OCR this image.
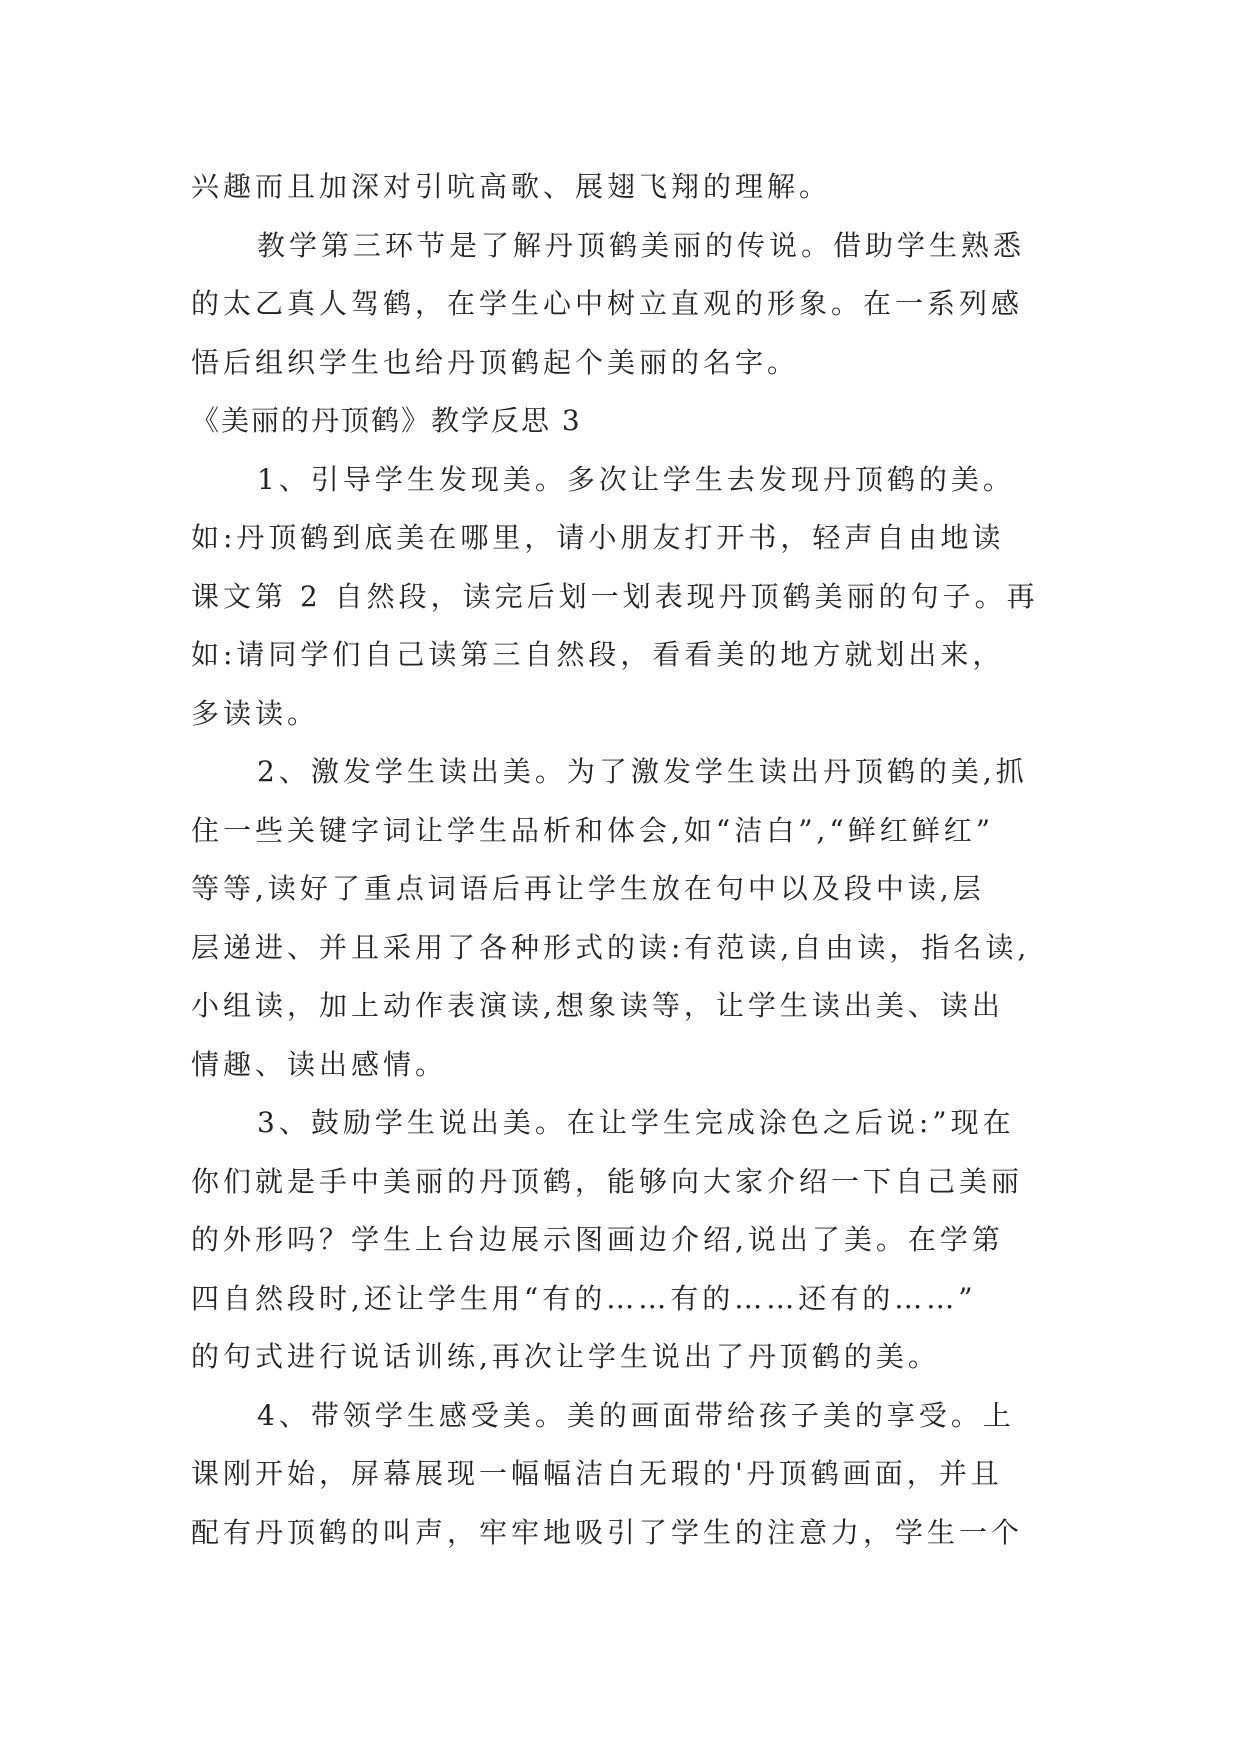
兴趣而且加深对引吭高歌、展翅飞翔的理解。
教学第三环节是了解丹顶鹤美丽的传说。借助学生熟悉
的太乙真人驾鹤，在学生心中树立直观的形象。在一系列感
悟后组织学生也给丹顶鹤起个美丽的名字。
《美丽的丹顶鹤》教学反思 3
1、引导学生发现美。多次让学生去发现丹顶鹤的美。
如:丹顶鹤到底美在哪里，请小朋友打开书，轻声自由地读
课文第 2 自然段，读完后划一划表现丹顶鹤美丽的句子。再
如:请同学们自己读第三自然段，看看美的地方就划出来，
多读读。
2、激发学生读出美。为了激发学生读出丹顶鹤的美,抓
住一些关键字词让学生品析和体会,如“洁白”,“鲜红鲜红”
等等,读好了重点词语后再让学生放在句中以及段中读,层
层递进、并且采用了各种形式的读:有范读,自由读，指名读,
小组读，加上动作表演读,想象读等，让学生读出美、读出
情趣、读出感情。
3、鼓励学生说出美。在让学生完成涂色之后说:”现在
你们就是手中美丽的丹顶鹤，能够向大家介绍一下自己美丽
的外形吗？学生上台边展示图画边介绍,说出了美。在学第
四自然段时,还让学生用“有的……有的……还有的……”
的句式进行说话训练,再次让学生说出了丹顶鹤的美。
4、带领学生感受美。美的画面带给孩子美的享受。上
课刚开始，屏幕展现一幅幅洁白无瑕的'丹顶鹤画面，并且
配有丹顶鹤的叫声，牢牢地吸引了学生的注意力，学生一个
